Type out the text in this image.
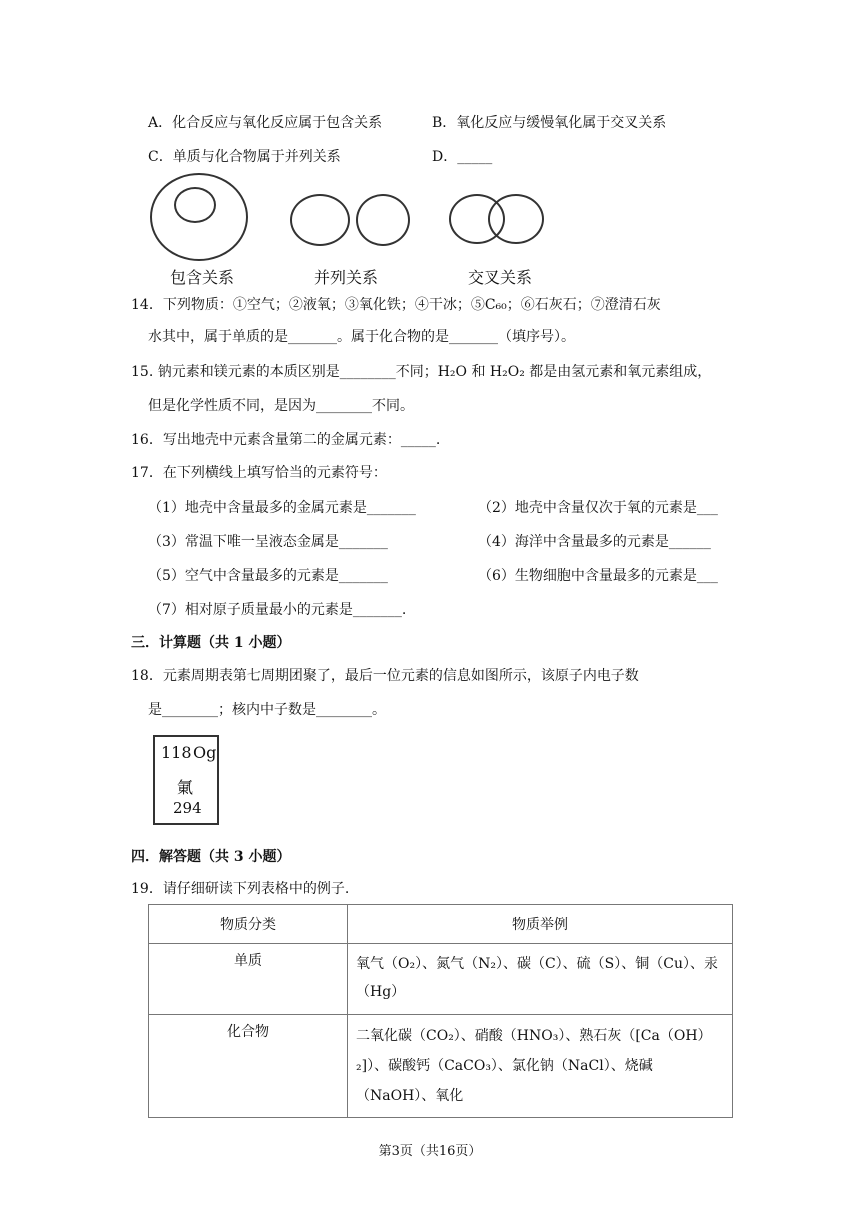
A．化合反应与氧化反应属于包含关系	B．氧化反应与缓慢氧化属于交叉关系
C．单质与化合物属于并列关系	D．_____
包含关系	并列关系	交叉关系
14．下列物质：①空气；②液氧；③氧化铁；④干冰；⑤C₆₀；⑥石灰石；⑦澄清石灰
水其中，属于单质的是_______。属于化合物的是_______（填序号）。
15. 钠元素和镁元素的本质区别是________不同；H₂O 和 H₂O₂ 都是由氢元素和氧元素组成，
但是化学性质不同，是因为________不同。
16．写出地壳中元素含量第二的金属元素：_____.
17．在下列横线上填写恰当的元素符号：
（1）地壳中含量最多的金属元素是_______	（2）地壳中含量仅次于氧的元素是___
（3）常温下唯一呈液态金属是_______	（4）海洋中含量最多的元素是______
（5）空气中含量最多的元素是_______	（6）生物细胞中含量最多的元素是___
（7）相对原子质量最小的元素是_______.
三．计算题（共 1 小题）
18．元素周期表第七周期团聚了，最后一位元素的信息如图所示，该原子内电子数
是________；核内中子数是________。
118 Og
氭
294
四．解答题（共 3 小题）
19．请仔细研读下列表格中的例子.
物质分类	物质举例
单质	氧气（O₂）、氮气（N₂）、碳（C）、硫（S）、铜（Cu）、汞（Hg）
化合物	二氧化碳（CO₂）、硝酸（HNO₃）、熟石灰（[Ca（OH）₂]）、碳酸钙（CaCO₃）、氯化钠（NaCl）、烧碱（NaOH）、氧化
第3页（共16页）
